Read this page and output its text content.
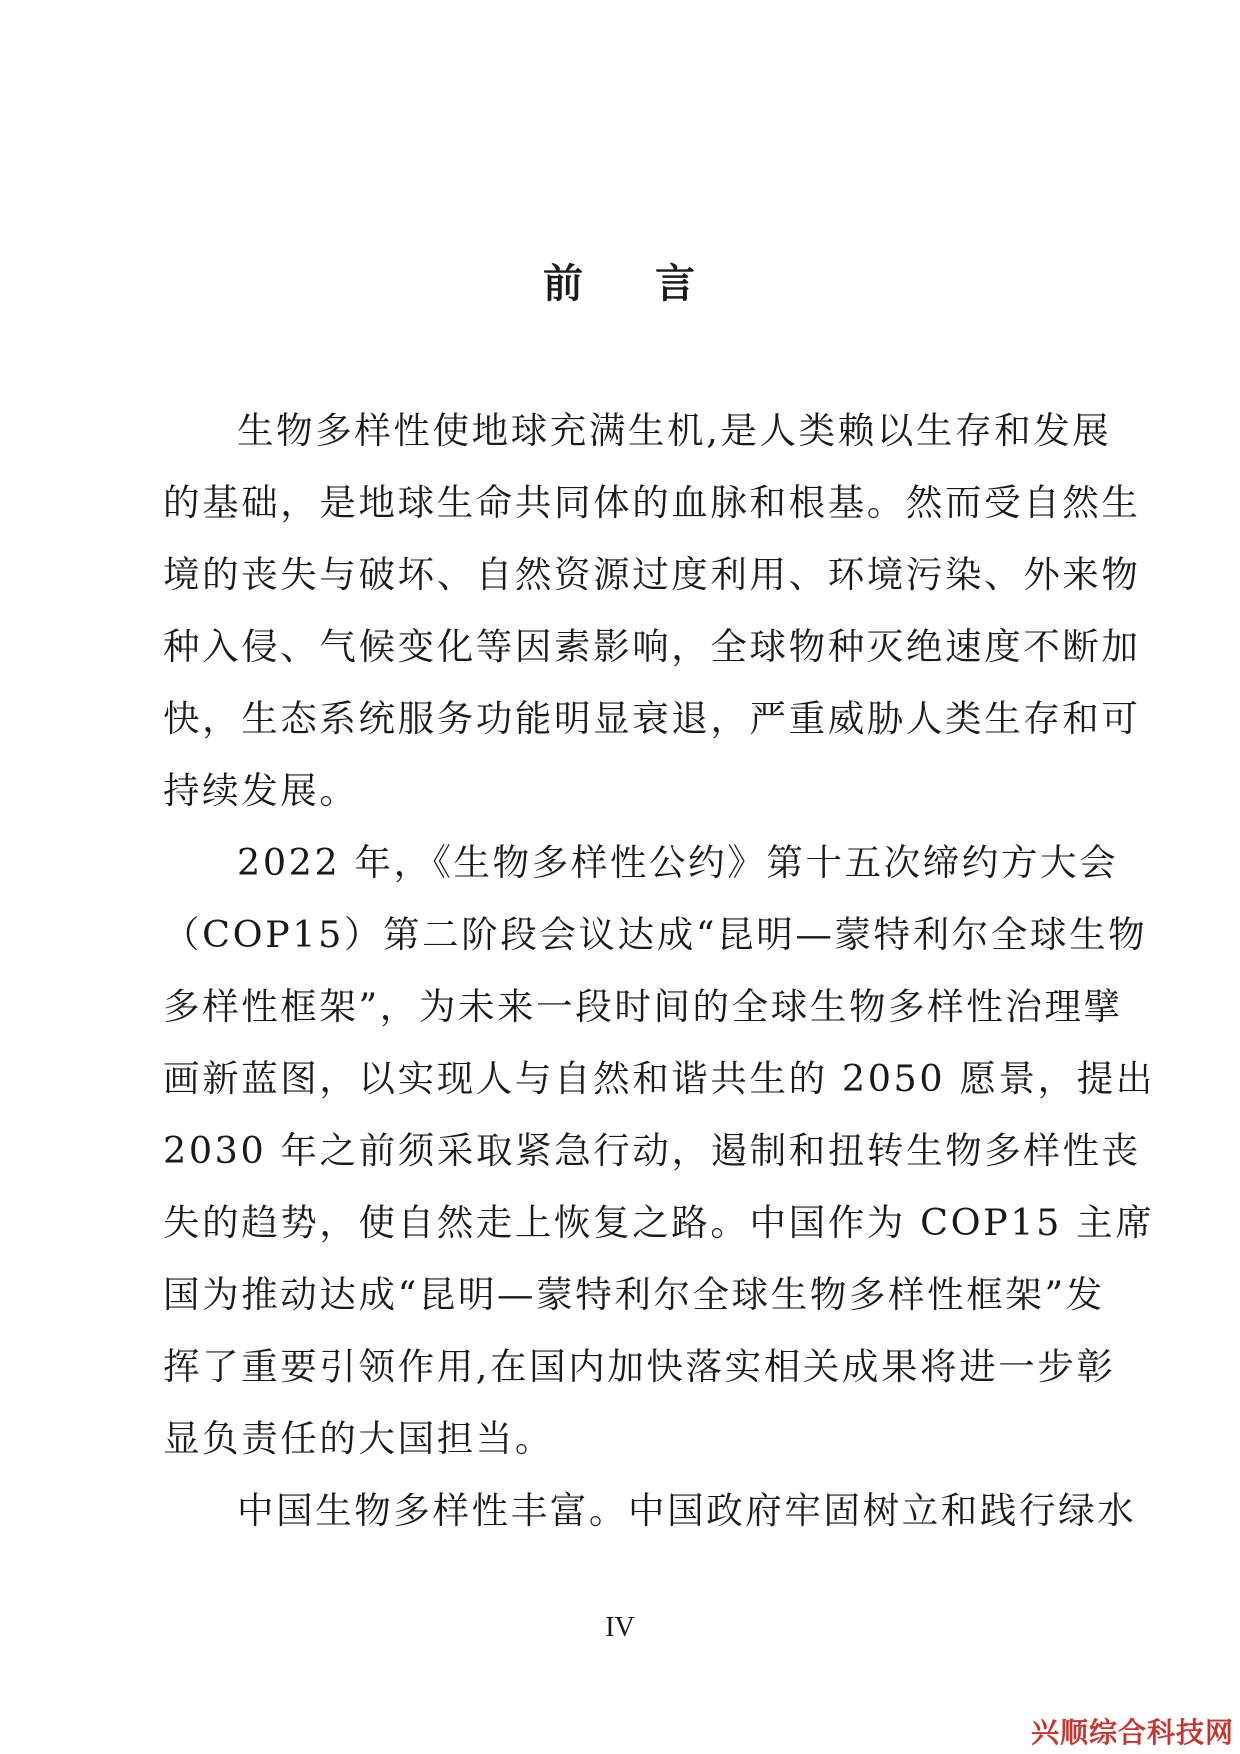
前 言

生物多样性使地球充满生机,是人类赖以生存和发展
的基础，是地球生命共同体的血脉和根基。然而受自然生
境的丧失与破坏、自然资源过度利用、环境污染、外来物
种入侵、气候变化等因素影响，全球物种灭绝速度不断加
快，生态系统服务功能明显衰退，严重威胁人类生存和可
持续发展。

2022 年，《生物多样性公约》第十五次缔约方大会
（COP15）第二阶段会议达成“昆明—蒙特利尔全球生物
多样性框架”，为未来一段时间的全球生物多样性治理擘
画新蓝图，以实现人与自然和谐共生的 2050 愿景，提出
2030 年之前须采取紧急行动，遏制和扭转生物多样性丧
失的趋势，使自然走上恢复之路。中国作为 COP15 主席
国为推动达成“昆明—蒙特利尔全球生物多样性框架”发
挥了重要引领作用,在国内加快落实相关成果将进一步彰
显负责任的大国担当。

中国生物多样性丰富。中国政府牢固树立和践行绿水

IV
兴顺综合科技网
